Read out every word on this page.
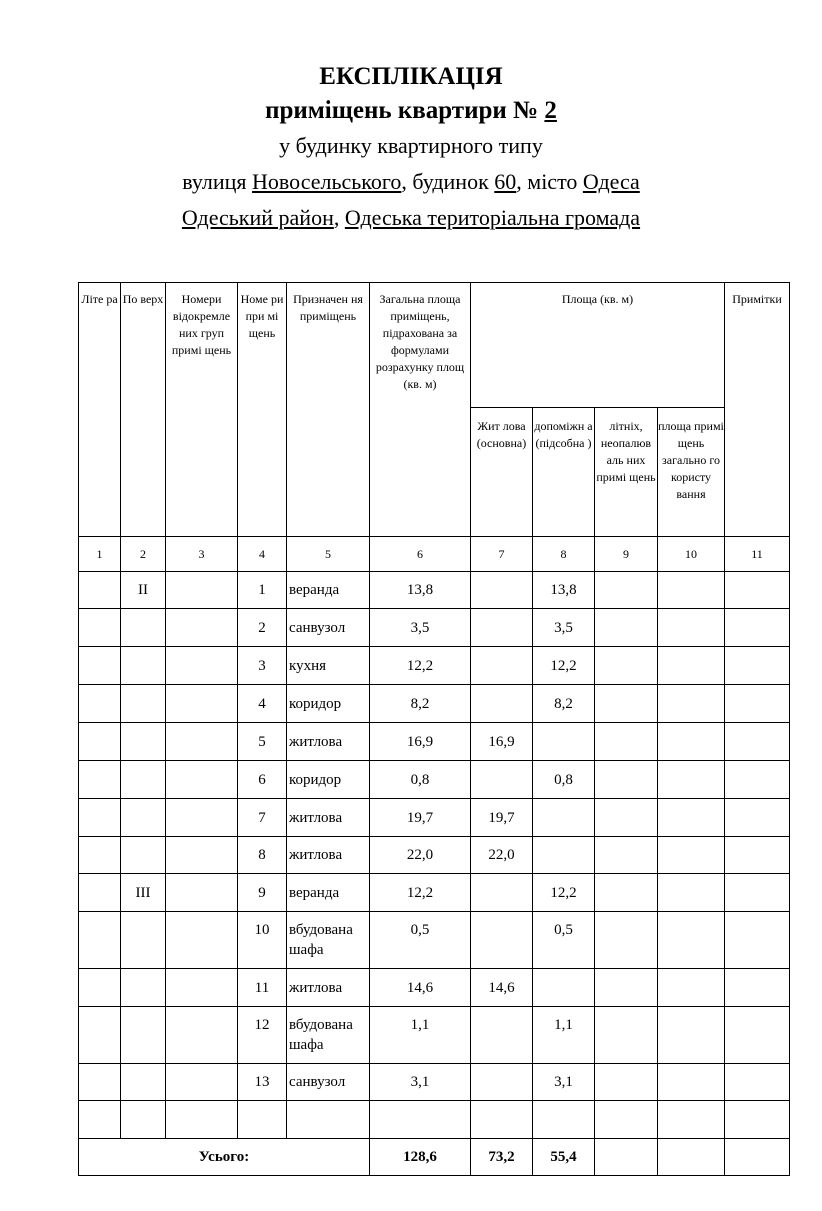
ЕКСПЛІКАЦІЯ
приміщень квартири № 2
у будинку квартирного типу
вулиця Новосельського, будинок 60, місто Одеса
Одеський район, Одеська територіальна громада
Літе ра	По верх	Номери відокремле них груп примі щень	Номе ри при мі щень	Призначен ня приміщень	Загальна площа приміщень, підрахована за формулами розрахунку площ (кв. м)	Площа (кв. м)				Примітки
						Жит лова (основна)	допоміжн а (підсобна )	літніх, неопалюв аль них примі щень	площа примі щень загально го користу вання	
1	2	3	4	5	6	7	8	9	10	11
	II		1	веранда	13,8		13,8			
			2	санвузол	3,5		3,5			
			3	кухня	12,2		12,2			
			4	коридор	8,2		8,2			
			5	житлова	16,9	16,9				
			6	коридор	0,8		0,8			
			7	житлова	19,7	19,7				
			8	житлова	22,0	22,0				
	III		9	веранда	12,2		12,2			
			10	вбудована шафа	0,5		0,5			
			11	житлова	14,6	14,6				
			12	вбудована шафа	1,1		1,1			
			13	санвузол	3,1		3,1			

Усього:					128,6	73,2	55,4			
